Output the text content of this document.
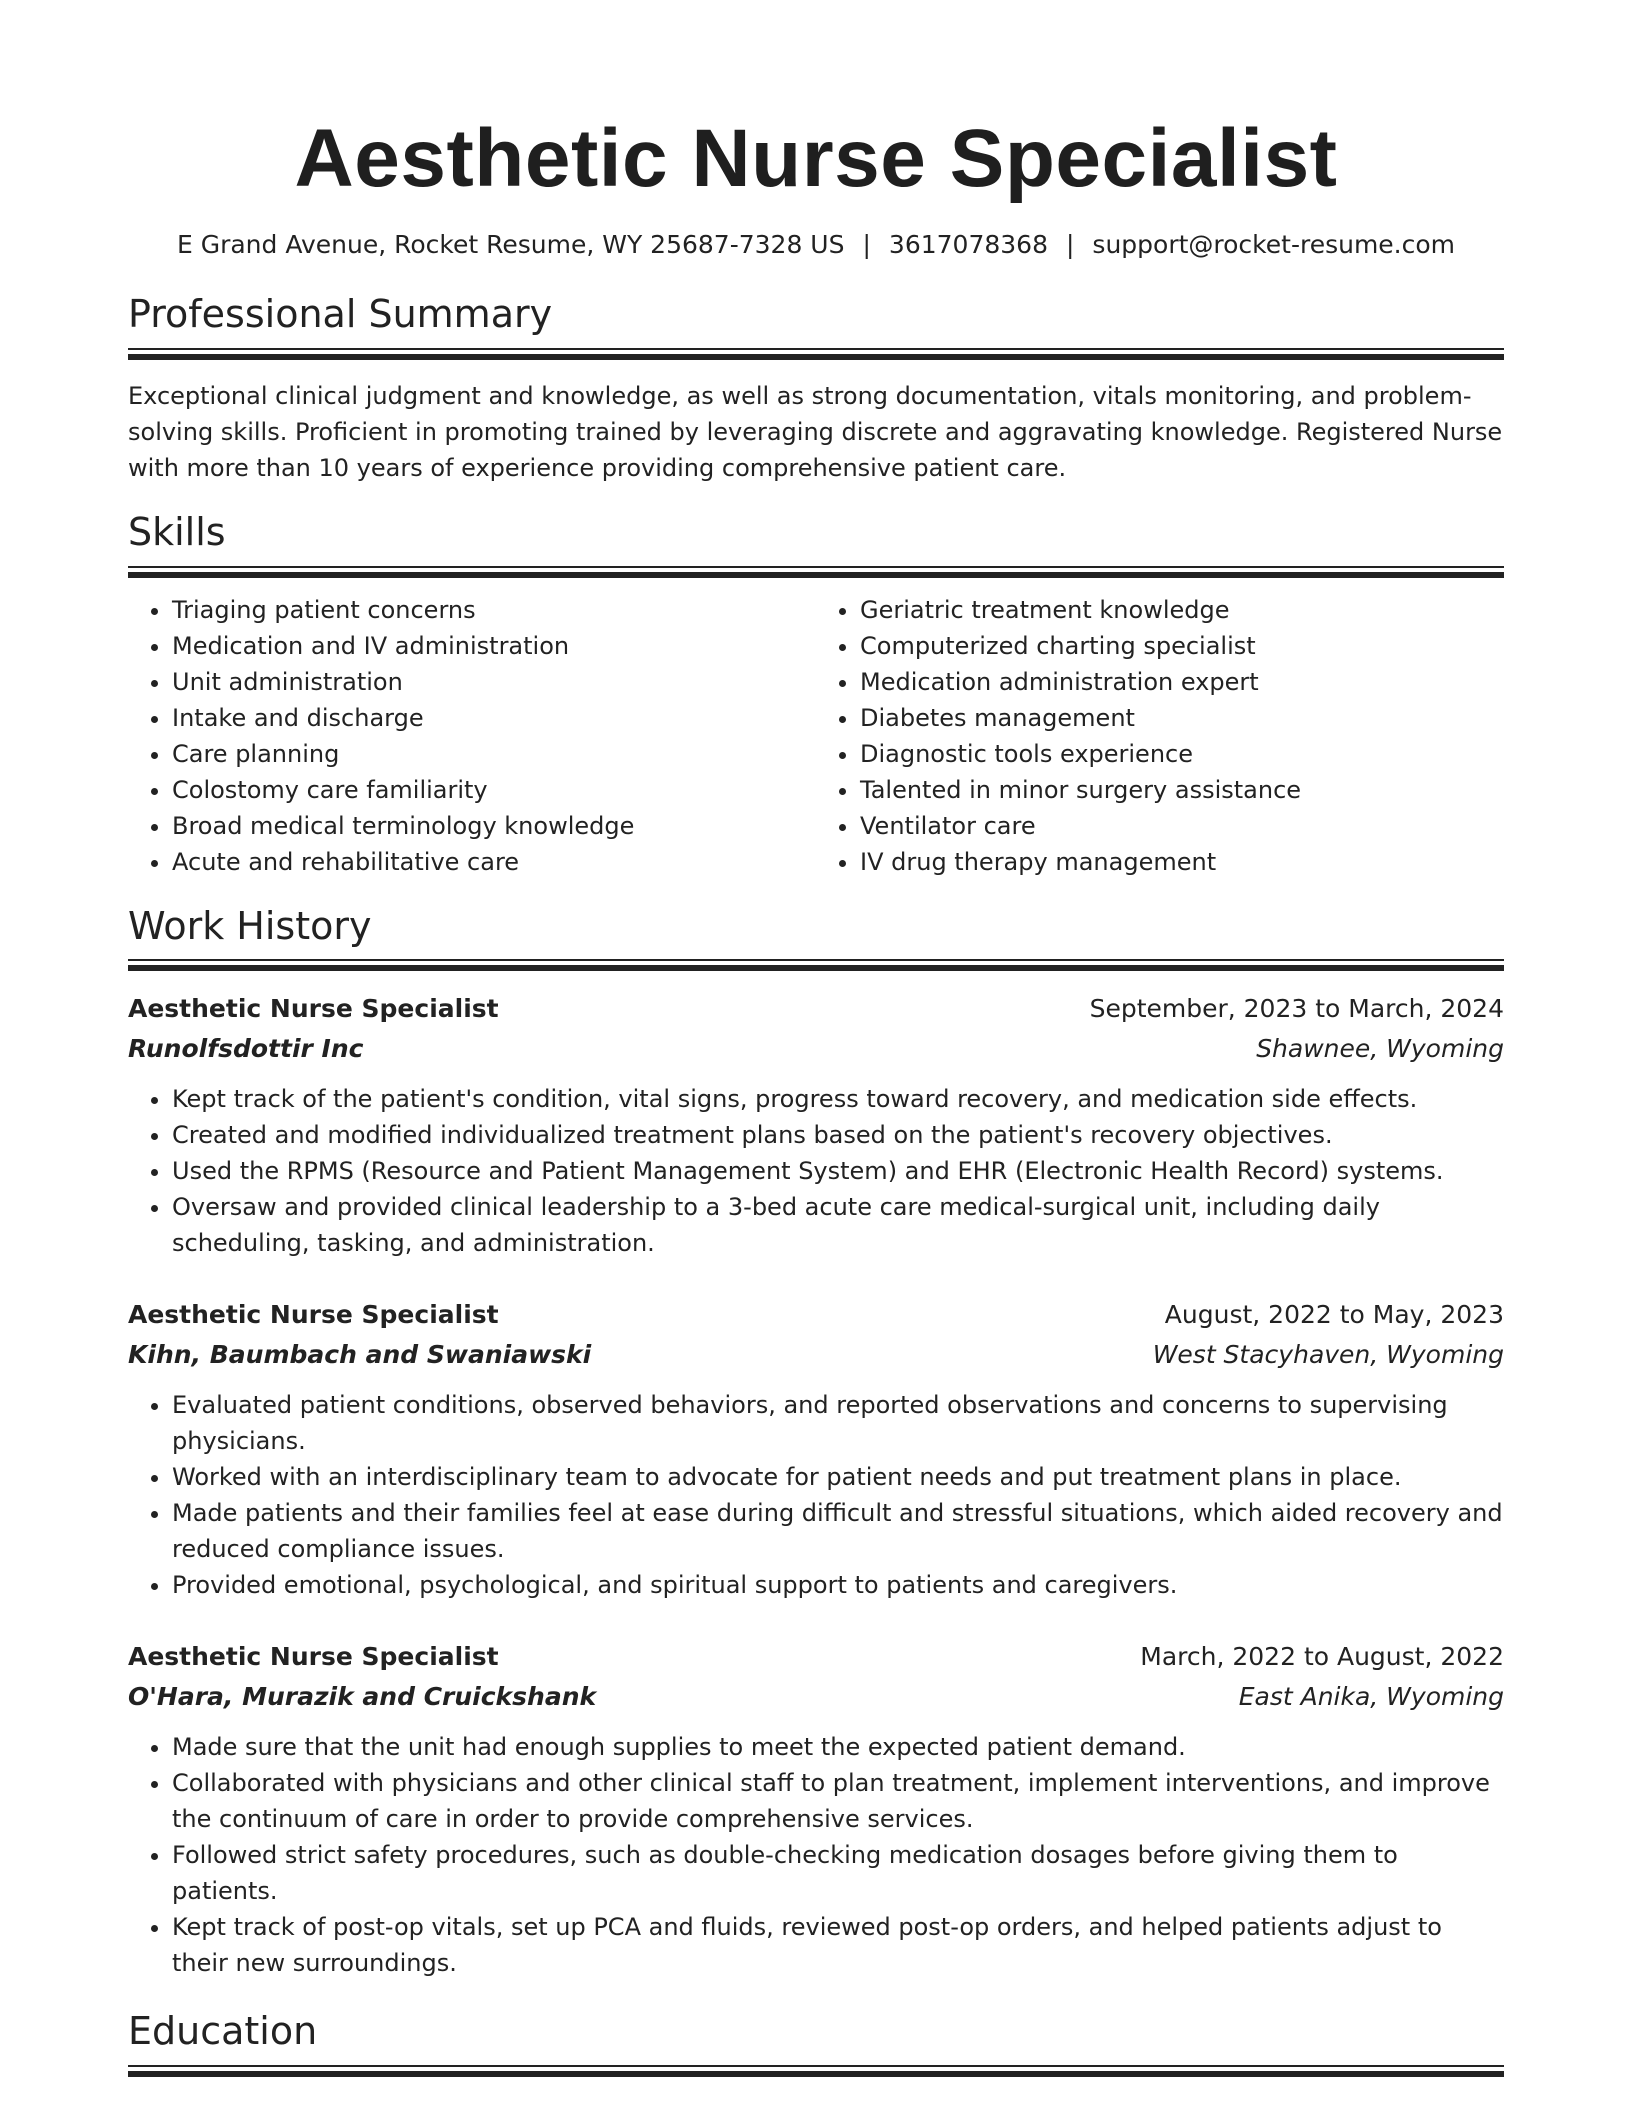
Aesthetic Nurse Specialist
E Grand Avenue, Rocket Resume, WY 25687-7328 US | 3617078368 | support@rocket-resume.com
Professional Summary

Exceptional clinical judgment and knowledge, as well as strong documentation, vitals monitoring, and problem-solving skills. Proficient in promoting trained by leveraging discrete and aggravating knowledge. Registered Nurse with more than 10 years of experience providing comprehensive patient care.

Skills
• Triaging patient concerns
• Medication and IV administration
• Unit administration
• Intake and discharge
• Care planning
• Colostomy care familiarity
• Broad medical terminology knowledge
• Acute and rehabilitative care
• Geriatric treatment knowledge
• Computerized charting specialist
• Medication administration expert
• Diabetes management
• Diagnostic tools experience
• Talented in minor surgery assistance
• Ventilator care
• IV drug therapy management
Work History
Aesthetic Nurse Specialist	September, 2023 to March, 2024
Runolfsdottir Inc	Shawnee, Wyoming
• Kept track of the patient's condition, vital signs, progress toward recovery, and medication side effects.
• Created and modified individualized treatment plans based on the patient's recovery objectives.
• Used the RPMS (Resource and Patient Management System) and EHR (Electronic Health Record) systems.
• Oversaw and provided clinical leadership to a 3-bed acute care medical-surgical unit, including daily scheduling, tasking, and administration.
Aesthetic Nurse Specialist	August, 2022 to May, 2023
Kihn, Baumbach and Swaniawski	West Stacyhaven, Wyoming
• Evaluated patient conditions, observed behaviors, and reported observations and concerns to supervising physicians.
• Worked with an interdisciplinary team to advocate for patient needs and put treatment plans in place.
• Made patients and their families feel at ease during difficult and stressful situations, which aided recovery and reduced compliance issues.
• Provided emotional, psychological, and spiritual support to patients and caregivers.
Aesthetic Nurse Specialist	March, 2022 to August, 2022
O'Hara, Murazik and Cruickshank	East Anika, Wyoming
• Made sure that the unit had enough supplies to meet the expected patient demand.
• Collaborated with physicians and other clinical staff to plan treatment, implement interventions, and improve the continuum of care in order to provide comprehensive services.
• Followed strict safety procedures, such as double-checking medication dosages before giving them to patients.
• Kept track of post-op vitals, set up PCA and fluids, reviewed post-op orders, and helped patients adjust to their new surroundings.
Education
